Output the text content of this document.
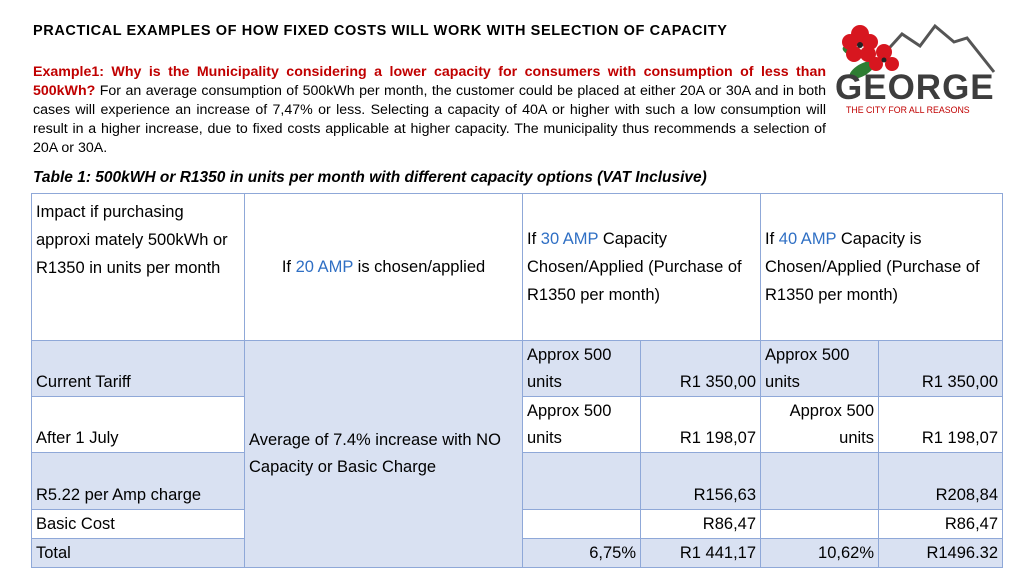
PRACTICAL EXAMPLES OF HOW FIXED COSTS WILL WORK WITH SELECTION OF CAPACITY
Example1: Why is the Municipality considering a lower capacity for consumers with consumption of less than 500kWh? For an average consumption of 500kWh per month, the customer could be placed at either 20A or 30A and in both cases will experience an increase of 7,47% or less. Selecting a capacity of 40A or higher with such a low consumption will result in a higher increase, due to fixed costs applicable at higher capacity. The municipality thus recommends a selection of 20A or 30A.
GEORGE
THE CITY FOR ALL REASONS
Table 1: 500kWH or R1350 in units per month with different capacity options (VAT Inclusive)
Impact if purchasing approxi mately 500kWh or R1350 in units per month	If 20 AMP is chosen/applied	If 30 AMP Capacity Chosen/Applied (Purchase of R1350 per month)		If 40 AMP Capacity is Chosen/Applied (Purchase of R1350 per month)	
Current Tariff	Average of 7.4% increase with NO Capacity or Basic Charge	Approx 500 units	R1 350,00	Approx 500 units	R1 350,00
After 1 July		Approx 500 units	R1 198,07	Approx 500 units	R1 198,07
R5.22 per Amp charge			R156,63		R208,84
Basic Cost			R86,47		R86,47
Total		6,75%	R1 441,17	10,62%	R1496.32
